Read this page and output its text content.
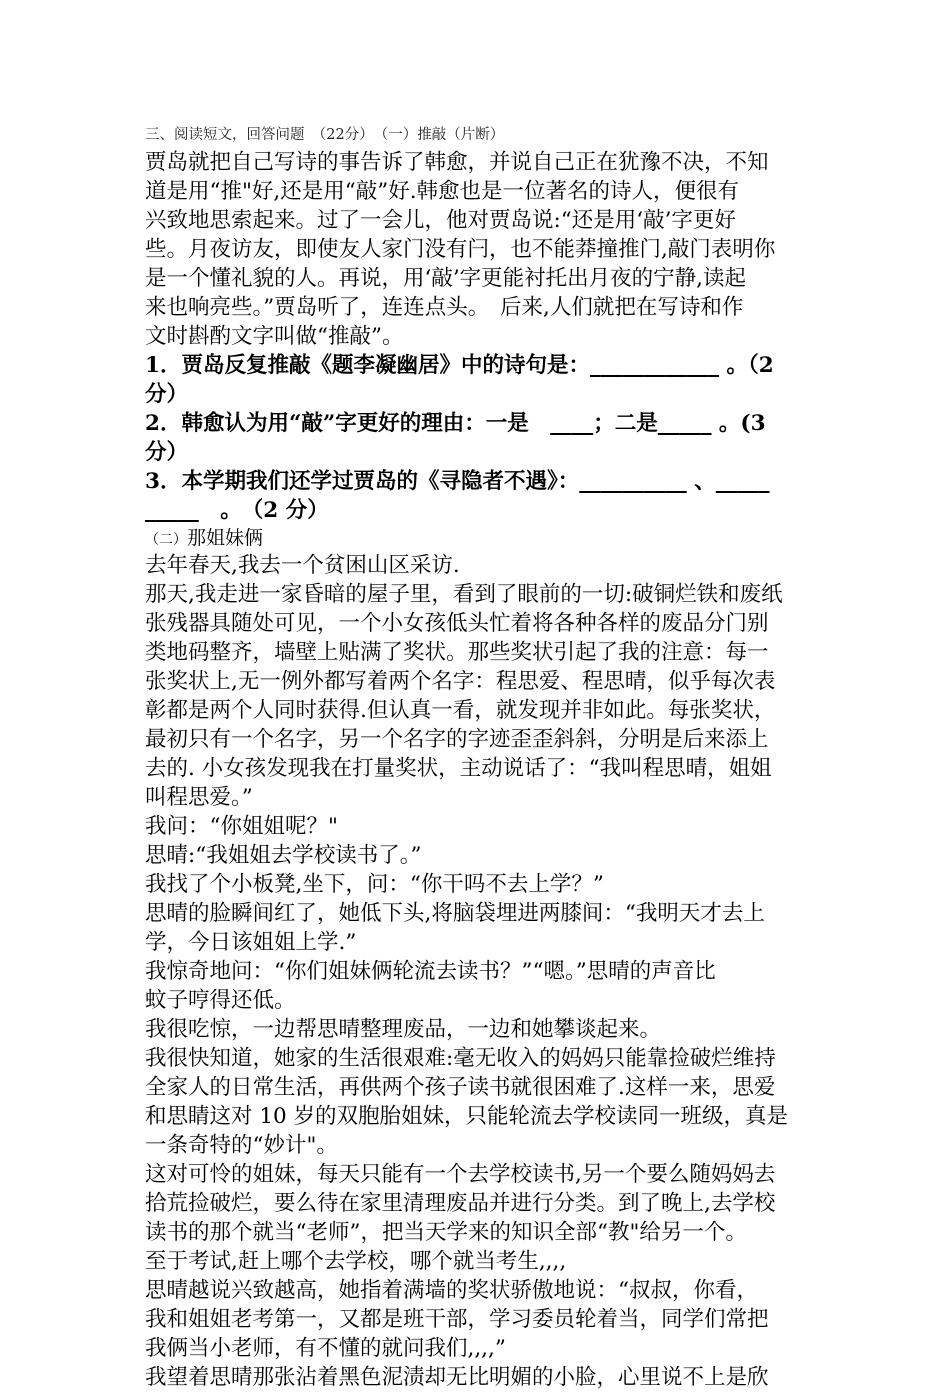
三、阅读短文，回答问题　（22分）　（一）推敲（片断）
贾岛就把自己写诗的事告诉了韩愈，并说自己正在犹豫不决，不知
道是用“推"好,还是用“敲”好.韩愈也是一位著名的诗人，便很有
兴致地思索起来。过了一会儿，他对贾岛说:“还是用‘敲’字更好
些。月夜访友，即使友人家门没有闩，也不能莽撞推门,敲门表明你
是一个懂礼貌的人。再说，用‘敲’字更能衬托出月夜的宁静,读起
来也响亮些。”贾岛听了，连连点头。　后来,人们就把在写诗和作
文时斟酌文字叫做“推敲”。
1．贾岛反复推敲《题李凝幽居》中的诗句是：____________ 。（2
分）
2．韩愈认为用“敲”字更好的理由：一是　____；二是_____ 。(3
分）
3．本学期我们还学过贾岛的《寻隐者不遇》：__________ 、_____
_____　。　（2 分）
（二）那姐妹俩
去年春天,我去一个贫困山区采访.
那天,我走进一家昏暗的屋子里，看到了眼前的一切:破铜烂铁和废纸
张残器具随处可见，一个小女孩低头忙着将各种各样的废品分门别
类地码整齐，墙壁上贴满了奖状。那些奖状引起了我的注意：每一
张奖状上,无一例外都写着两个名字：程思爱、程思晴，似乎每次表
彰都是两个人同时获得.但认真一看，就发现并非如此。每张奖状，
最初只有一个名字，另一个名字的字迹歪歪斜斜，分明是后来添上
去的. 小女孩发现我在打量奖状，主动说话了：“我叫程思晴，姐姐
叫程思爱。”
我问：“你姐姐呢？"
思晴:“我姐姐去学校读书了。”
我找了个小板凳,坐下，问：“你干吗不去上学？”
思晴的脸瞬间红了，她低下头,将脑袋埋进两膝间：“我明天才去上
学，今日该姐姐上学.”
我惊奇地问：“你们姐妹俩轮流去读书？”“嗯。”思晴的声音比
蚊子哼得还低。
我很吃惊，一边帮思晴整理废品，一边和她攀谈起来。
我很快知道，她家的生活很艰难:毫无收入的妈妈只能靠捡破烂维持
全家人的日常生活，再供两个孩子读书就很困难了.这样一来，思爱
和思睛这对 10 岁的双胞胎姐妹，只能轮流去学校读同一班级，真是
一条奇特的“妙计"。
这对可怜的姐妹，每天只能有一个去学校读书,另一个要么随妈妈去
拾荒捡破烂，要么待在家里清理废品并进行分类。到了晚上,去学校
读书的那个就当“老师”，把当天学来的知识全部“教"给另一个。
至于考试,赶上哪个去学校，哪个就当考生,,,,
思晴越说兴致越高，她指着满墙的奖状骄傲地说：“叔叔，你看，
我和姐姐老考第一，又都是班干部，学习委员轮着当，同学们常把
我俩当小老师，有不懂的就问我们,,,,”
我望着思晴那张沾着黑色泥渍却无比明媚的小脸，心里说不上是欣
